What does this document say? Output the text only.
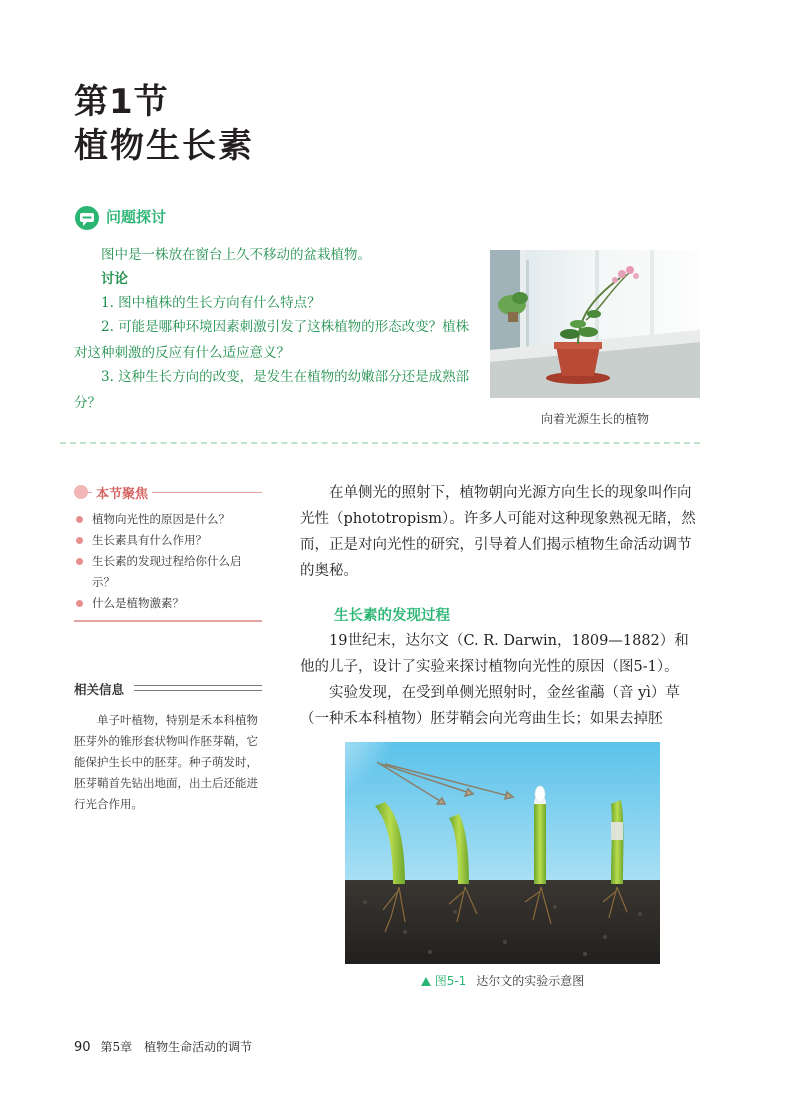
第1节
植物生长素
问题探讨
图中是一株放在窗台上久不移动的盆栽植物。
讨论
1. 图中植株的生长方向有什么特点？
2. 可能是哪种环境因素刺激引发了这株植物的形态改变？植株对这种刺激的反应有什么适应意义？
3. 这种生长方向的改变，是发生在植物的幼嫩部分还是成熟部分？
向着光源生长的植物
本节聚焦
植物向光性的原因是什么？
生长素具有什么作用？
生长素的发现过程给你什么启示？
什么是植物激素？
相关信息
单子叶植物，特别是禾本科植物胚芽外的锥形套状物叫作胚芽鞘，它能保护生长中的胚芽。种子萌发时，胚芽鞘首先钻出地面，出土后还能进行光合作用。

在单侧光的照射下，植物朝向光源方向生长的现象叫作向光性（phototropism）。许多人可能对这种现象熟视无睹，然而，正是对向光性的研究，引导着人们揭示植物生命活动调节的奥秘。

生长素的发现过程

19世纪末，达尔文（C. R. Darwin，1809—1882）和他的儿子，设计了实验来探讨植物向光性的原因（图5-1）。

实验发现，在受到单侧光照射时，金丝雀虉（音 yì）草（一种禾本科植物）胚芽鞘会向光弯曲生长；如果去掉胚

图5-1 达尔文的实验示意图
90 第5章　植物生命活动的调节
